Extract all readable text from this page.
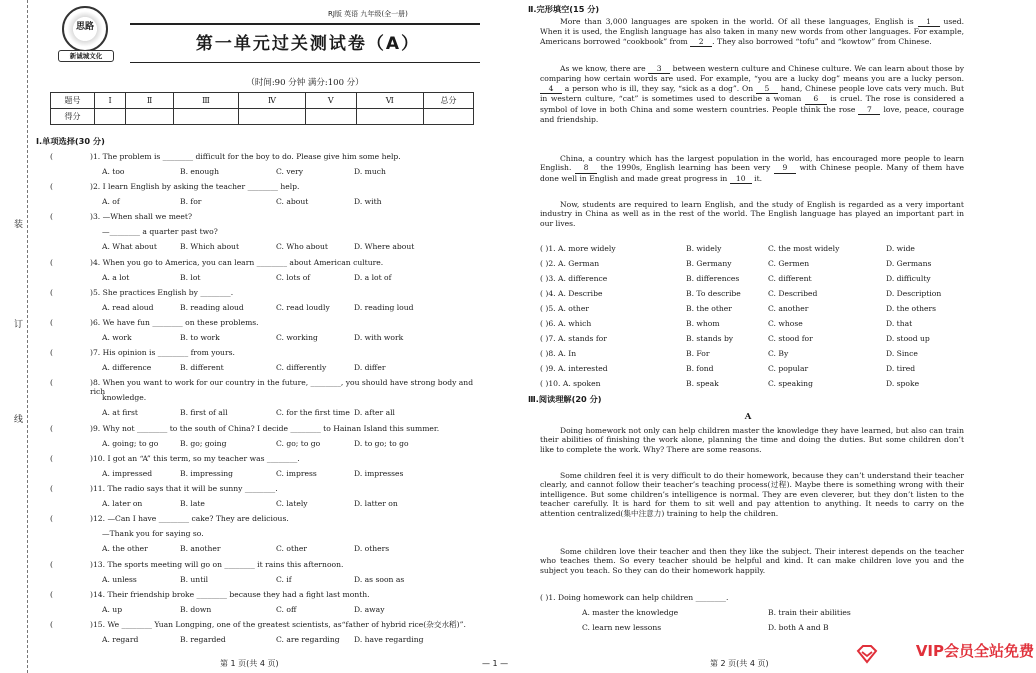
装
订
线
思路
新诚城文化
RJ版 英语 九年级(全一册)
第一单元过关测试卷（A）
（时间:90 分钟 满分:100 分）
题号	Ⅰ	Ⅱ	Ⅲ	Ⅳ	Ⅴ	Ⅵ	总分
得分							
Ⅰ.单项选择(30 分)
(	)1. The problem is ________ difficult for the boy to do. Please give him some help.
A. too	B. enough	C. very	D. much
(	)2. I learn English by asking the teacher ________ help.
A. of	B. for	C. about	D. with
(	)3. —When shall we meet?
—________ a quarter past two?
A. What about	B. Which about	C. Who about	D. Where about
(	)4. When you go to America, you can learn ________ about American culture.
A. a lot	B. lot	C. lots of	D. a lot of
(	)5. She practices English by ________.
A. read aloud	B. reading aloud	C. read loudly	D. reading loud
(	)6. We have fun ________ on these problems.
A. work	B. to work	C. working	D. with work
(	)7. His opinion is ________ from yours.
A. difference	B. different	C. differently	D. differ
(	)8. When you want to work for our country in the future, ________, you should have strong body and rich
knowledge.
A. at first	B. first of all	C. for the first time D. after all
(	)9. Why not ________ to the south of China? I decide ________ to Hainan Island this summer.
A. going; to go	B. go; going	C. go; to go	D. to go; to go
(	)10. I got an “A” this term, so my teacher was ________.
A. impressed	B. impressing	C. impress	D. impresses
(	)11. The radio says that it will be sunny ________.
A. later on	B. late	C. lately	D. latter on
(	)12. —Can I have ________ cake? They are delicious.
—Thank you for saying so.
A. the other	B. another	C. other	D. others
(	)13. The sports meeting will go on ________ it rains this afternoon.
A. unless	B. until	C. if	D. as soon as
(	)14. Their friendship broke ________ because they had a fight last month.
A. up	B. down	C. off	D. away
(	)15. We ________ Yuan Longping, one of the greatest scientists, as“father of hybrid rice(杂交水稻)”.
A. regard	B. regarded	C. are regarding D. have regarding
第 1 页(共 4 页)	— 1 —
Ⅱ.完形填空(15 分)
More than 3,000 languages are spoken in the world. Of all these languages, English is 1 used. When it is used, the English language has also taken in many new words from other languages. For example, Americans borrowed “cookbook” from 2 . They also borrowed “tofu” and “kowtow” from Chinese.
As we know, there are 3 between western culture and Chinese culture. We can learn about those by comparing how certain words are used. For example, “you are a lucky dog” means you are a lucky person. 4 a person who is ill, they say, “sick as a dog”. On 5 hand, Chinese people love cats very much. But in western culture, “cat” is sometimes used to describe a woman 6 is cruel. The rose is considered a symbol of love in both China and some western countries. People think the rose 7 love, peace, courage and friendship.
China, a country which has the largest population in the world, has encouraged more people to learn English. 8 the 1990s, English learning has been very 9 with Chinese people. Many of them have done well in English and made great progress in 10 it.
Now, students are required to learn English, and the study of English is regarded as a very important industry in China as well as in the rest of the world. The English language has played an important part in our lives.
( )1. A. more widely	B. widely	C. the most widely	D. wide
( )2. A. German	B. Germany	C. Germen	D. Germans
( )3. A. difference	B. differences	C. different	D. difficulty
( )4. A. Describe	B. To describe	C. Described	D. Description
( )5. A. other	B. the other	C. another	D. the others
( )6. A. which	B. whom	C. whose	D. that
( )7. A. stands for	B. stands by	C. stood for	D. stood up
( )8. A. In	B. For	C. By	D. Since
( )9. A. interested	B. fond	C. popular	D. tired
( )10. A. spoken	B. speak	C. speaking	D. spoke
Ⅲ.阅读理解(20 分)
A
Doing homework not only can help children master the knowledge they have learned, but also can train their abilities of finishing the work alone, planning the time and doing the duties. But some children don’t like to complete the work. Why? There are some reasons.
Some children feel it is very difficult to do their homework, because they can’t understand their teacher clearly, and cannot follow their teacher’s teaching process(过程). Maybe there is something wrong with their intelligence. But some children’s intelligence is normal. They are even cleverer, but they don’t listen to the teacher carefully. It is hard for them to sit well and pay attention to anything. It needs to carry on the attention centralized(集中注意力) training to help the children.
Some children love their teacher and then they like the subject. Their interest depends on the teacher who teaches them. So every teacher should be helpful and kind. It can make children love you and the subject you teach. So they can do their homework happily.
( )1. Doing homework can help children ________.
A. master the knowledge	B. train their abilities
C. learn new lessons	D. both A and B
第 2 页(共 4 页)
VIP会员全站免费
